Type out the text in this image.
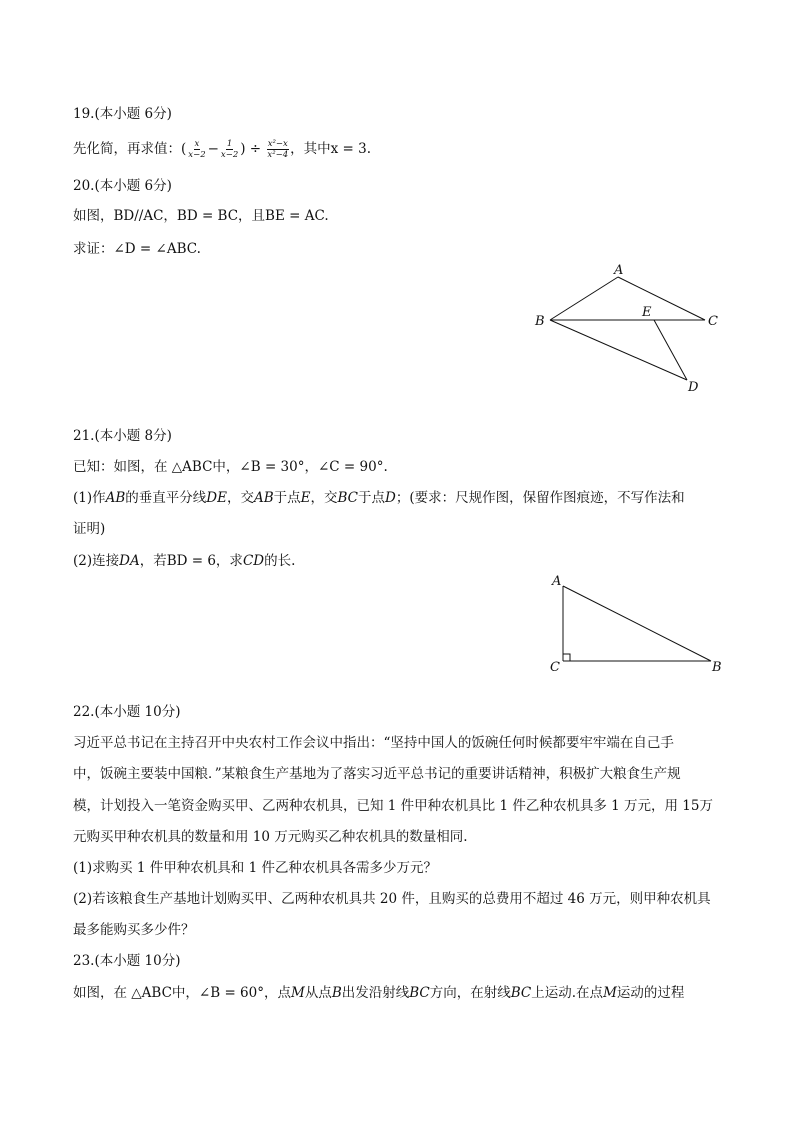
19.(本小题 6分)
先化简，再求值：( $\frac{x}{x-2} - \frac{1}{x-2}$ ) ÷ $\frac{\text{x²−x}}{\text{x²−4}}$ ，其中x = 3.
20.(本小题 6分)
如图，BD//AC，BD = BC，且BE = AC.
求证：∠D = ∠ABC.
A
B	C
E
D
21.(本小题 8分)
已知：如图，在 △ABC中，∠B = 30°，∠C = 90°.
(1)作AB的垂直平分线DE，交AB于点E，交BC于点D；(要求：尺规作图，保留作图痕迹，不写作法和
证明)
(2)连接DA，若BD = 6，求CD的长.
A
C	B
22.(本小题 10分)
习近平总书记在主持召开中央农村工作会议中指出：“坚持中国人的饭碗任何时候都要牢牢端在自己手
中，饭碗主要装中国粮．”某粮食生产基地为了落实习近平总书记的重要讲话精神，积极扩大粮食生产规
模，计划投入一笔资金购买甲、乙两种农机具，已知 1 件甲种农机具比 1 件乙种农机具多 1 万元，用 15万
元购买甲种农机具的数量和用 10 万元购买乙种农机具的数量相同.
(1)求购买 1 件甲种农机具和 1 件乙种农机具各需多少万元？
(2)若该粮食生产基地计划购买甲、乙两种农机具共 20 件，且购买的总费用不超过 46 万元，则甲种农机具
最多能购买多少件？
23.(本小题 10分)
如图，在 △ABC中，∠B = 60°，点M从点B出发沿射线BC方向，在射线BC上运动.在点M运动的过程
